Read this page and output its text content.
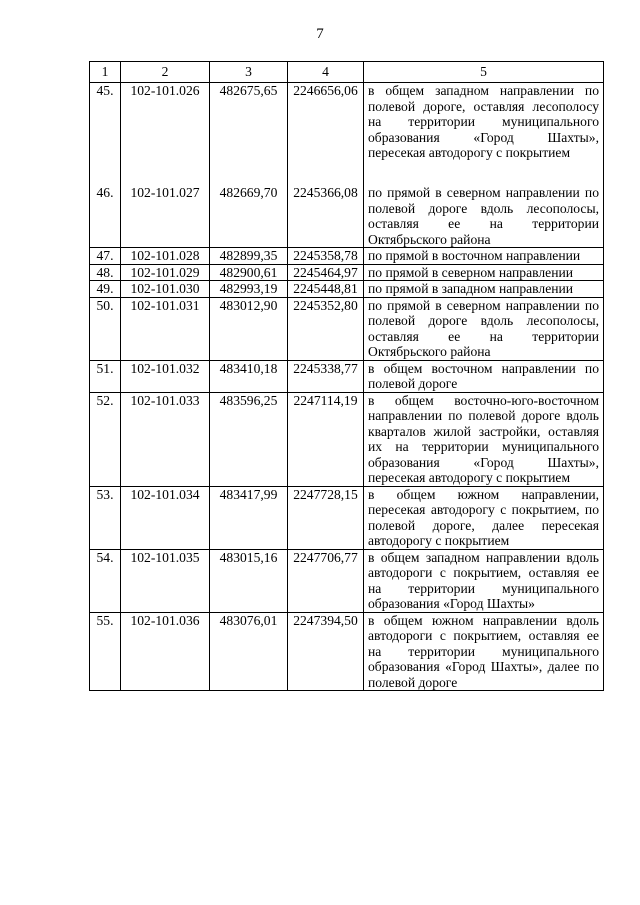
7
1	2	3	4	5
45.	102-101.026	482675,65	2246656,06	в общем западном направлении по полевой дороге, оставляя лесополосу на территории муниципального образования «Город Шахты», пересекая автодорогу с покрытием
46.	102-101.027	482669,70	2245366,08	по прямой в северном направлении по полевой дороге вдоль лесополосы, оставляя ее на территории Октябрьского района
47.	102-101.028	482899,35	2245358,78	по прямой в восточном направлении
48.	102-101.029	482900,61	2245464,97	по прямой в северном направлении
49.	102-101.030	482993,19	2245448,81	по прямой в западном направлении
50.	102-101.031	483012,90	2245352,80	по прямой в северном направлении по полевой дороге вдоль лесополосы, оставляя ее на территории Октябрьского района
51.	102-101.032	483410,18	2245338,77	в общем восточном направлении по полевой дороге
52.	102-101.033	483596,25	2247114,19	в общем восточно-юго-восточном направлении по полевой дороге вдоль кварталов жилой застройки, оставляя их на территории муниципального образования «Город Шахты», пересекая автодорогу с покрытием
53.	102-101.034	483417,99	2247728,15	в общем южном направлении, пересекая автодорогу с покрытием, по полевой дороге, далее пересекая автодорогу с покрытием
54.	102-101.035	483015,16	2247706,77	в общем западном направлении вдоль автодороги с покрытием, оставляя ее на территории муниципального образования «Город Шахты»
55.	102-101.036	483076,01	2247394,50	в общем южном направлении вдоль автодороги с покрытием, оставляя ее на территории муниципального образования «Город Шахты», далее по полевой дороге
